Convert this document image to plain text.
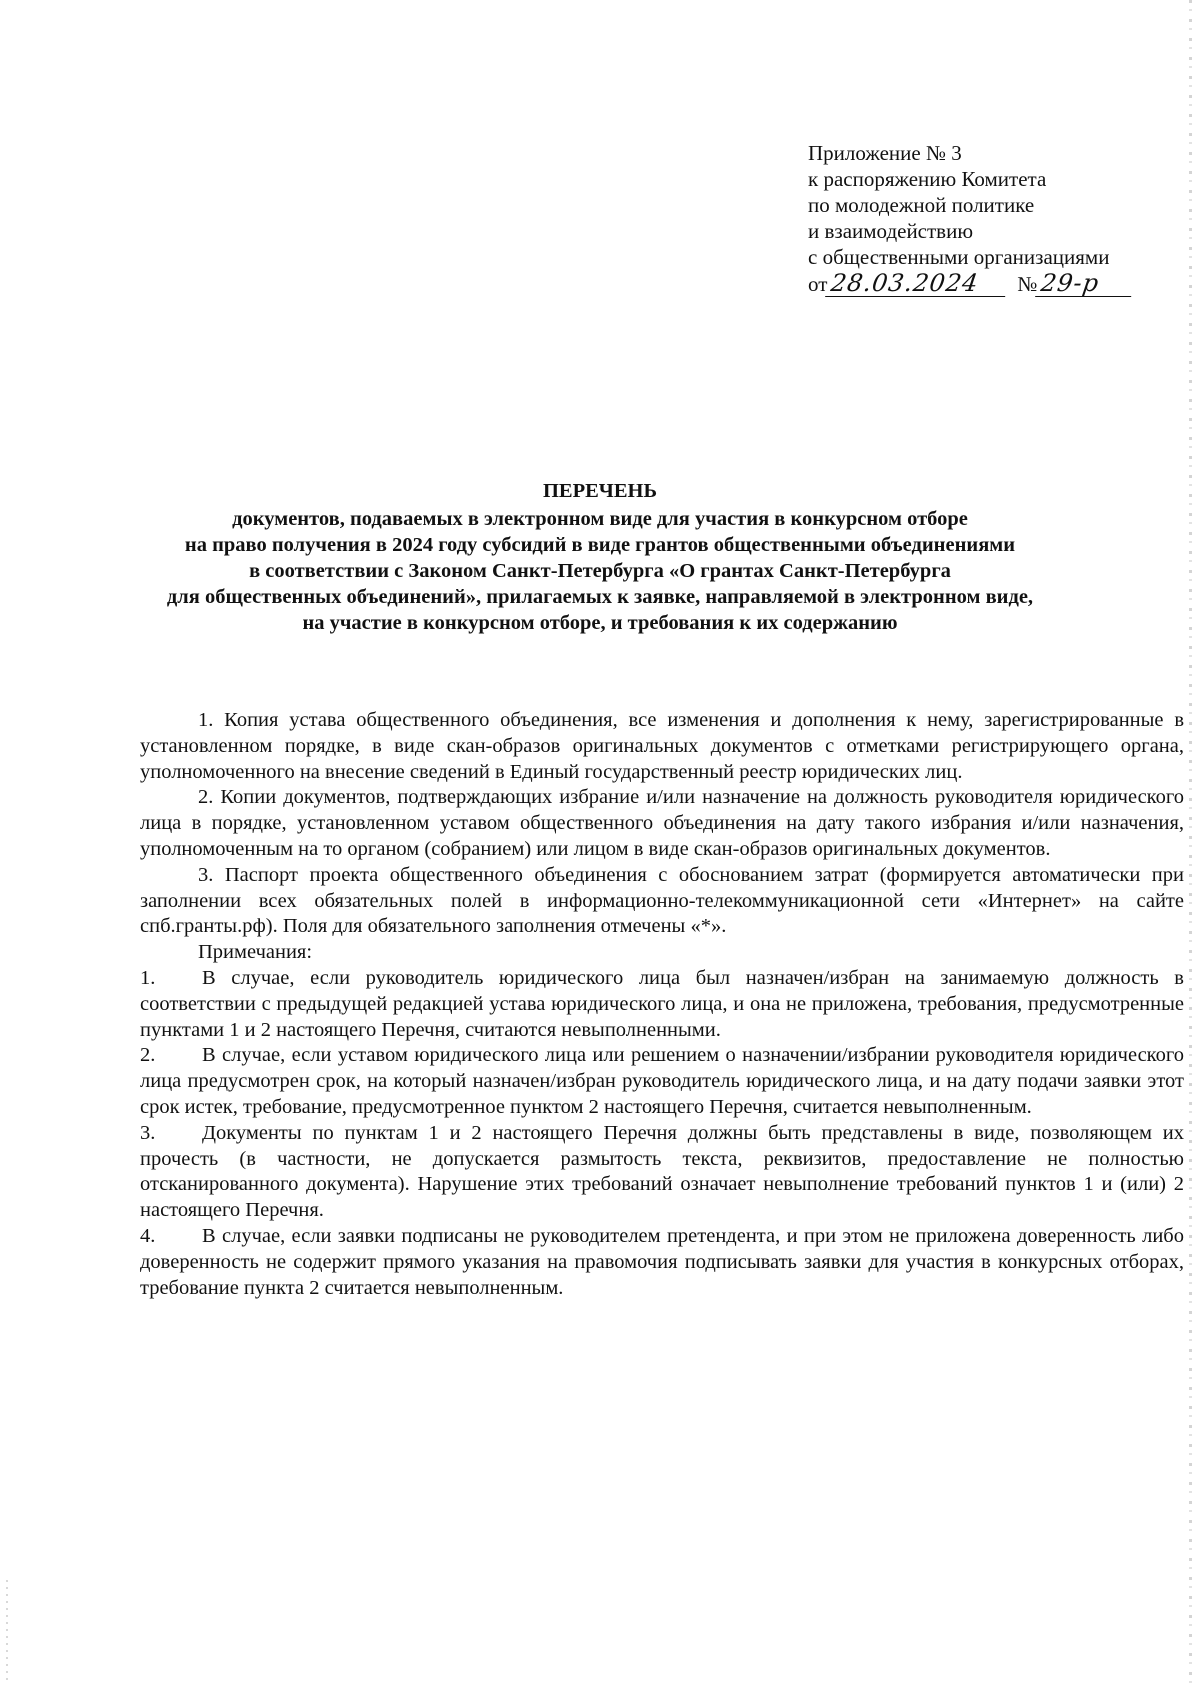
Приложение № 3
к распоряжению Комитета
по молодежной политике
и взаимодействию
с общественными организациями
от 28.03.2024	№ 29-р
ПЕРЕЧЕНЬ
документов, подаваемых в электронном виде для участия в конкурсном отборе
на право получения в 2024 году субсидий в виде грантов общественными объединениями
в соответствии с Законом Санкт-Петербурга «О грантах Санкт-Петербурга
для общественных объединений», прилагаемых к заявке, направляемой в электронном виде,
на участие в конкурсном отборе, и требования к их содержанию

1. Копия устава общественного объединения, все изменения и дополнения к нему, зарегистрированные в установленном порядке, в виде скан-образов оригинальных документов с отметками регистрирующего органа, уполномоченного на внесение сведений в Единый государственный реестр юридических лиц.

2. Копии документов, подтверждающих избрание и/или назначение на должность руководителя юридического лица в порядке, установленном уставом общественного объединения на дату такого избрания и/или назначения, уполномоченным на то органом (собранием) или лицом в виде скан-образов оригинальных документов.

3. Паспорт проекта общественного объединения с обоснованием затрат (формируется автоматически при заполнении всех обязательных полей в информационно-телекоммуникационной сети «Интернет» на сайте спб.гранты.рф). Поля для обязательного заполнения отмечены «*».

Примечания:

1. В случае, если руководитель юридического лица был назначен/избран на занимаемую должность в соответствии с предыдущей редакцией устава юридического лица, и она не приложена, требования, предусмотренные пунктами 1 и 2 настоящего Перечня, считаются невыполненными.

2. В случае, если уставом юридического лица или решением о назначении/избрании руководителя юридического лица предусмотрен срок, на который назначен/избран руководитель юридического лица, и на дату подачи заявки этот срок истек, требование, предусмотренное пунктом 2 настоящего Перечня, считается невыполненным.

3. Документы по пунктам 1 и 2 настоящего Перечня должны быть представлены в виде, позволяющем их прочесть (в частности, не допускается размытость текста, реквизитов, предоставление не полностью отсканированного документа). Нарушение этих требований означает невыполнение требований пунктов 1 и (или) 2 настоящего Перечня.

4. В случае, если заявки подписаны не руководителем претендента, и при этом не приложена доверенность либо доверенность не содержит прямого указания на правомочия подписывать заявки для участия в конкурсных отборах, требование пункта 2 считается невыполненным.
